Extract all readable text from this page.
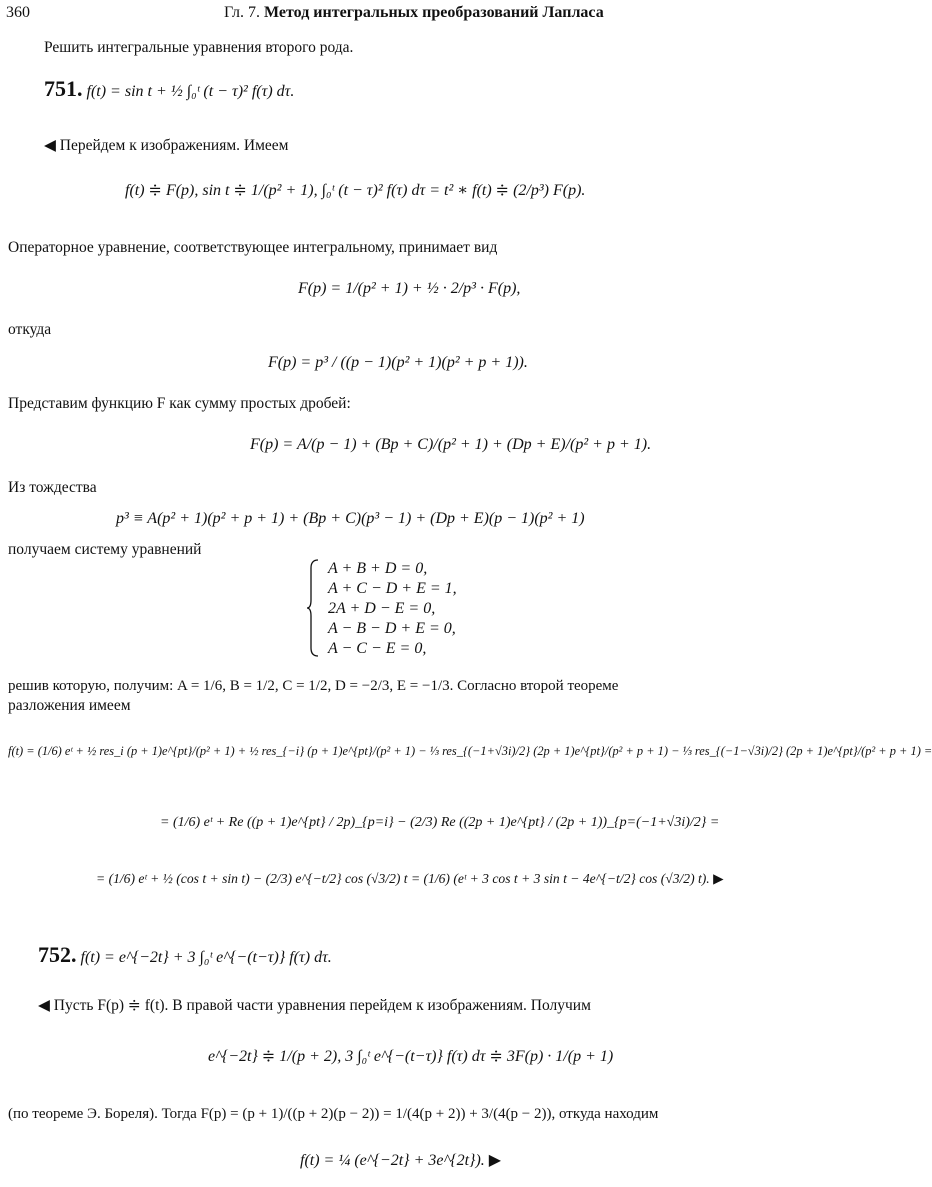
360	Гл. 7. Метод интегральных преобразований Лапласа
Решить интегральные уравнения второго рода.
751. f(t) = sin t + ½ ∫₀ᵗ (t − τ)² f(τ) dτ.
◀ Перейдем к изображениям. Имеем
f(t) ≑ F(p), sin t ≑ 1/(p² + 1), ∫₀ᵗ (t − τ)² f(τ) dτ = t² ∗ f(t) ≑ (2/p³) F(p).
Операторное уравнение, соответствующее интегральному, принимает вид
F(p) = 1/(p² + 1) + ½ · 2/p³ · F(p),
откуда
F(p) = p³ / ((p − 1)(p² + 1)(p² + p + 1)).
Представим функцию F как сумму простых дробей:
F(p) = A/(p − 1) + (Bp + C)/(p² + 1) + (Dp + E)/(p² + p + 1).
Из тождества
p³ ≡ A(p² + 1)(p² + p + 1) + (Bp + C)(p³ − 1) + (Dp + E)(p − 1)(p² + 1)
получаем систему уравнений
A + B + D = 0,
A + C − D + E = 1,
2A + D − E = 0,
A − B − D + E = 0,
A − C − E = 0,
решив которую, получим: A = 1/6, B = 1/2, C = 1/2, D = −2/3, E = −1/3. Согласно второй теореме
разложения имеем
f(t) = (1/6) eᵗ + ½ res_i (p + 1)e^{pt}/(p² + 1) + ½ res_{−i} (p + 1)e^{pt}/(p² + 1) − ⅓ res_{(−1+√3i)/2} (2p + 1)e^{pt}/(p² + p + 1) − ⅓ res_{(−1−√3i)/2} (2p + 1)e^{pt}/(p² + p + 1) =
= (1/6) eᵗ + Re ((p + 1)e^{pt} / 2p)_{p=i} − (2/3) Re ((2p + 1)e^{pt} / (2p + 1))_{p=(−1+√3i)/2} =
= (1/6) eᵗ + ½ (cos t + sin t) − (2/3) e^{−t/2} cos (√3/2) t = (1/6) (eᵗ + 3 cos t + 3 sin t − 4e^{−t/2} cos (√3/2) t). ▶
752. f(t) = e^{−2t} + 3 ∫₀ᵗ e^{−(t−τ)} f(τ) dτ.
◀ Пусть F(p) ≑ f(t). В правой части уравнения перейдем к изображениям. Получим
e^{−2t} ≑ 1/(p + 2), 3 ∫₀ᵗ e^{−(t−τ)} f(τ) dτ ≑ 3F(p) · 1/(p + 1)
(по теореме Э. Бореля). Тогда F(p) = (p + 1)/((p + 2)(p − 2)) = 1/(4(p + 2)) + 3/(4(p − 2)), откуда находим
f(t) = ¼ (e^{−2t} + 3e^{2t}). ▶
